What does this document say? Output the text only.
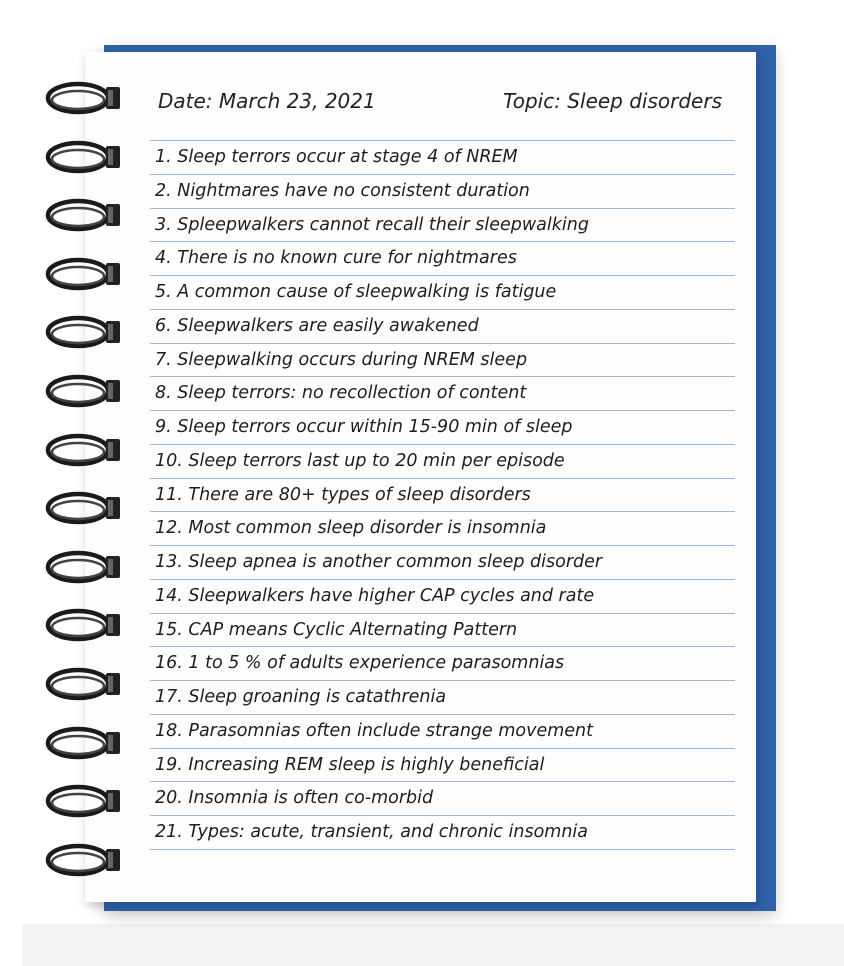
Date: March 23, 2021	Topic: Sleep disorders
1. Sleep terrors occur at stage 4 of NREM
2. Nightmares have no consistent duration
3. Spleepwalkers cannot recall their sleepwalking
4. There is no known cure for nightmares
5. A common cause of sleepwalking is fatigue
6. Sleepwalkers are easily awakened
7. Sleepwalking occurs during NREM sleep
8. Sleep terrors: no recollection of content
9. Sleep terrors occur within 15-90 min of sleep
10. Sleep terrors last up to 20 min per episode
11. There are 80+ types of sleep disorders
12. Most common sleep disorder is insomnia
13. Sleep apnea is another common sleep disorder
14. Sleepwalkers have higher CAP cycles and rate
15. CAP means Cyclic Alternating Pattern
16. 1 to 5 % of adults experience parasomnias
17. Sleep groaning is catathrenia
18. Parasomnias often include strange movement
19. Increasing REM sleep is highly beneficial
20. Insomnia is often co-morbid
21. Types: acute, transient, and chronic insomnia
